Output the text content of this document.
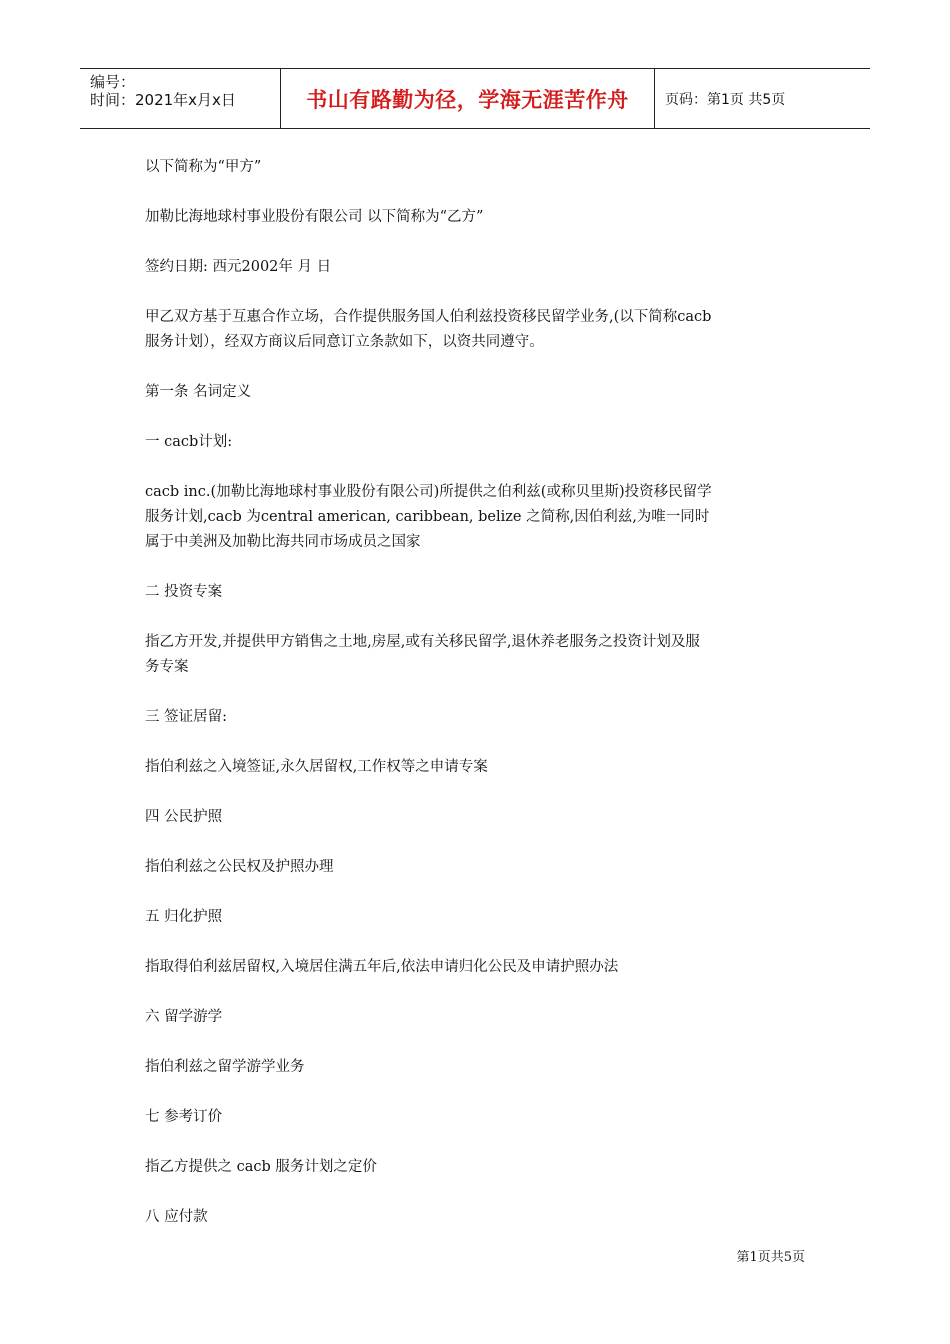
编号：
时间：2021年x月x日	书山有路勤为径，学海无涯苦作舟	页码：第1页 共5页

以下简称为“甲方”

加勒比海地球村事业股份有限公司 以下简称为“乙方”

签约日期: 西元2002年 月 日

甲乙双方基于互惠合作立场，合作提供服务国人伯利兹投资移民留学业务,(以下简称cacb
服务计划），经双方商议后同意订立条款如下，以资共同遵守。

第一条 名词定义

一 cacb计划:

cacb inc.(加勒比海地球村事业股份有限公司)所提供之伯利兹(或称贝里斯)投资移民留学
服务计划,cacb 为central american, caribbean, belize 之简称,因伯利兹,为唯一同时
属于中美洲及加勒比海共同市场成员之国家

二 投资专案

指乙方开发,并提供甲方销售之土地,房屋,或有关移民留学,退休养老服务之投资计划及服
务专案

三 签证居留:

指伯利兹之入境签证,永久居留权,工作权等之申请专案

四 公民护照

指伯利兹之公民权及护照办理

五 归化护照

指取得伯利兹居留权,入境居住满五年后,依法申请归化公民及申请护照办法

六 留学游学

指伯利兹之留学游学业务

七 参考订价

指乙方提供之 cacb 服务计划之定价

八 应付款

第1页共5页
